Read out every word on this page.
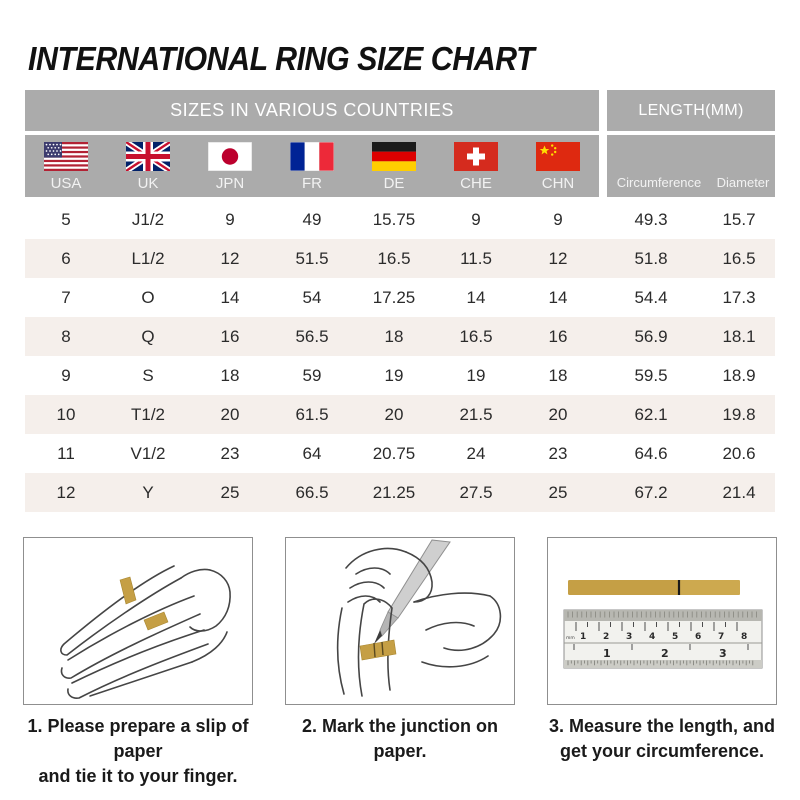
INTERNATIONAL RING SIZE CHART
SIZES IN VARIOUS COUNTRIES	LENGTH(MM)
USA	UK	JPN	FR	DE	CHE	CHN	Circumference	Diameter
5	J1/2	9	49	15.75	9	9	49.3	15.7
6	L1/2	12	51.5	16.5	11.5	12	51.8	16.5
7	O	14	54	17.25	14	14	54.4	17.3
8	Q	16	56.5	18	16.5	16	56.9	18.1
9	S	18	59	19	19	18	59.5	18.9
10	T1/2	20	61.5	20	21.5	20	62.1	19.8
11	V1/2	23	64	20.75	24	23	64.6	20.6
12	Y	25	66.5	21.25	27.5	25	67.2	21.4
1. Please prepare a slip of paper
and tie it to your finger.
2. Mark the junction on paper.
1 2 3 4 5 6 7 8
1	2	3
mm
3. Measure the length, and
get your circumference.
